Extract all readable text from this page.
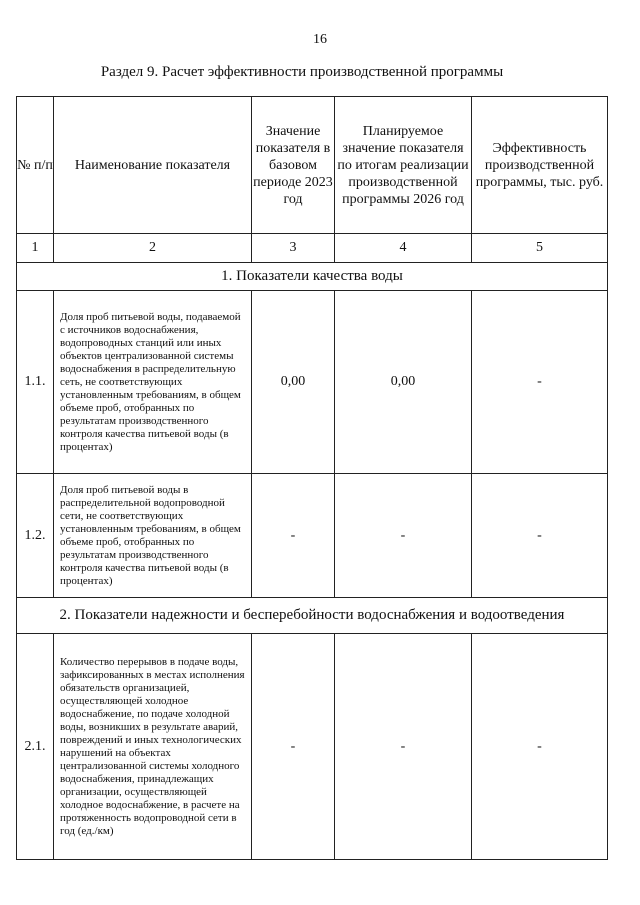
16
Раздел 9. Расчет эффективности производственной программы
№ п/п	Наименование показателя	Значение показателя в базовом периоде 2023 год	Планируемое значение показателя по итогам реализации производственной программы 2026 год	Эффективность производственной программы, тыс. руб.
1	2	3	4	5
1. Показатели качества воды				
1.1.	Доля проб питьевой воды, подаваемой с источников водоснабжения, водопроводных станций или иных объектов централизованной системы водоснабжения в распределительную сеть, не соответствующих установленным требованиям, в общем объеме проб, отобранных по результатам производственного контроля качества питьевой воды (в процентах)	0,00	0,00	-
1.2.	Доля проб питьевой воды в распределительной водопроводной сети, не соответствующих установленным требованиям, в общем объеме проб, отобранных по результатам производственного контроля качества питьевой воды (в процентах)	-	-	-
2. Показатели надежности и бесперебойности водоснабжения и водоотведения				
2.1.	Количество перерывов в подаче воды, зафиксированных в местах исполнения обязательств организацией, осуществляющей холодное водоснабжение, по подаче холодной воды, возникших в результате аварий, повреждений и иных технологических нарушений на объектах централизованной системы холодного водоснабжения, принадлежащих организации, осуществляющей холодное водоснабжение, в расчете на протяженность водопроводной сети в год (ед./км)	-	-	-
